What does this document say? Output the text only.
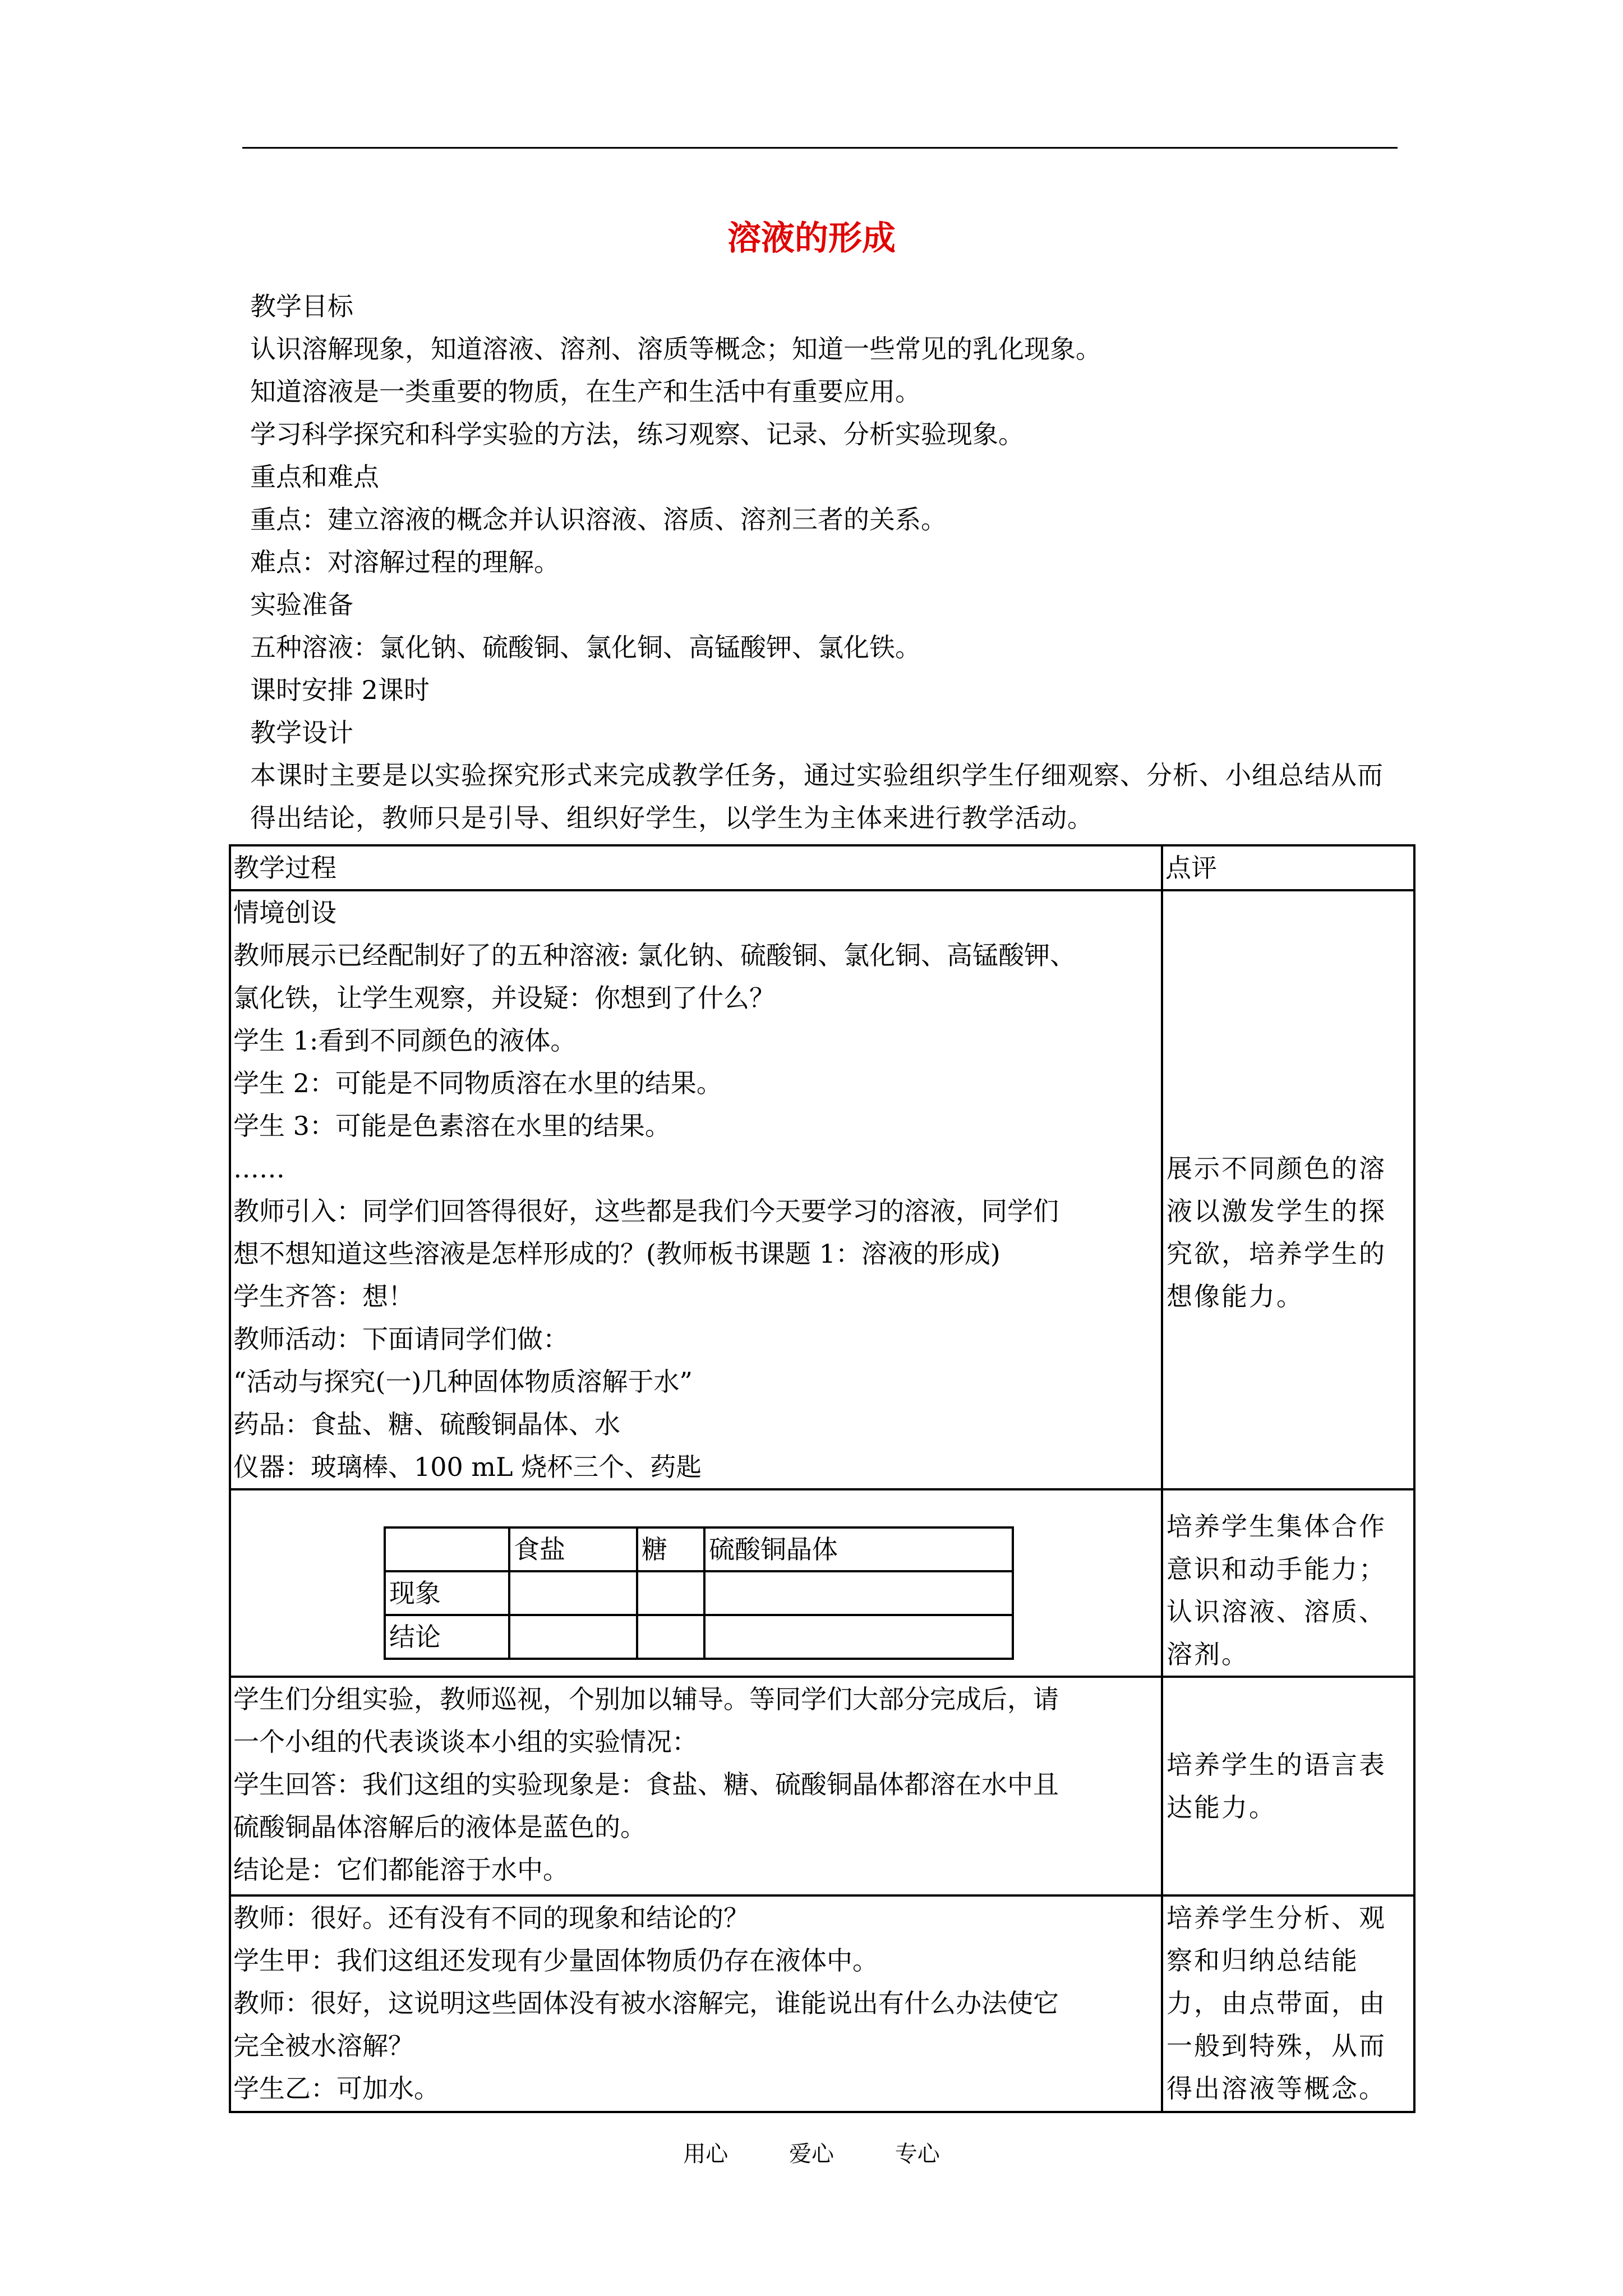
溶液的形成
教学目标
认识溶解现象，知道溶液、溶剂、溶质等概念；知道一些常见的乳化现象。
知道溶液是一类重要的物质，在生产和生活中有重要应用。
学习科学探究和科学实验的方法，练习观察、记录、分析实验现象。
重点和难点
重点：建立溶液的概念并认识溶液、溶质、溶剂三者的关系。
难点：对溶解过程的理解。
实验准备
五种溶液：氯化钠、硫酸铜、氯化铜、高锰酸钾、氯化铁。
课时安排 2课时
教学设计
本课时主要是以实验探究形式来完成教学任务，通过实验组织学生仔细观察、分析、小组总结从而得出结论，教师只是引导、组织好学生，以学生为主体来进行教学活动。
教学过程	点评

情境创设
教师展示已经配制好了的五种溶液: 氯化钠、硫酸铜、氯化铜、高锰酸钾、
氯化铁，让学生观察，并设疑：你想到了什么？
学生 1:看到不同颜色的液体。
学生 2：可能是不同物质溶在水里的结果。
学生 3：可能是色素溶在水里的结果。
……
教师引入：同学们回答得很好，这些都是我们今天要学习的溶液，同学们
想不想知道这些溶液是怎样形成的？(教师板书课题 1：溶液的形成)
学生齐答：想！
教师活动：下面请同学们做：
“活动与探究(一)几种固体物质溶解于水”
药品：食盐、糖、硫酸铜晶体、水
仪器：玻璃棒、100 mL 烧杯三个、药匙

展示不同颜色的溶液以激发学生的探究欲，培养学生的想像能力。

	食盐	糖	硫酸铜晶体
现象			
结论			

培养学生集体合作意识和动手能力；认识溶液、溶质、溶剂。

学生们分组实验，教师巡视，个别加以辅导。等同学们大部分完成后，请
一个小组的代表谈谈本小组的实验情况：
学生回答：我们这组的实验现象是：食盐、糖、硫酸铜晶体都溶在水中且
硫酸铜晶体溶解后的液体是蓝色的。
结论是：它们都能溶于水中。

培养学生的语言表达能力。

教师：很好。还有没有不同的现象和结论的？
学生甲：我们这组还发现有少量固体物质仍存在液体中。
教师：很好，这说明这些固体没有被水溶解完，谁能说出有什么办法使它
完全被水溶解？
学生乙：可加水。

培养学生分析、观察和归纳总结能力，由点带面，由一般到特殊，从而得出溶液等概念。
用心	爱心	专心
